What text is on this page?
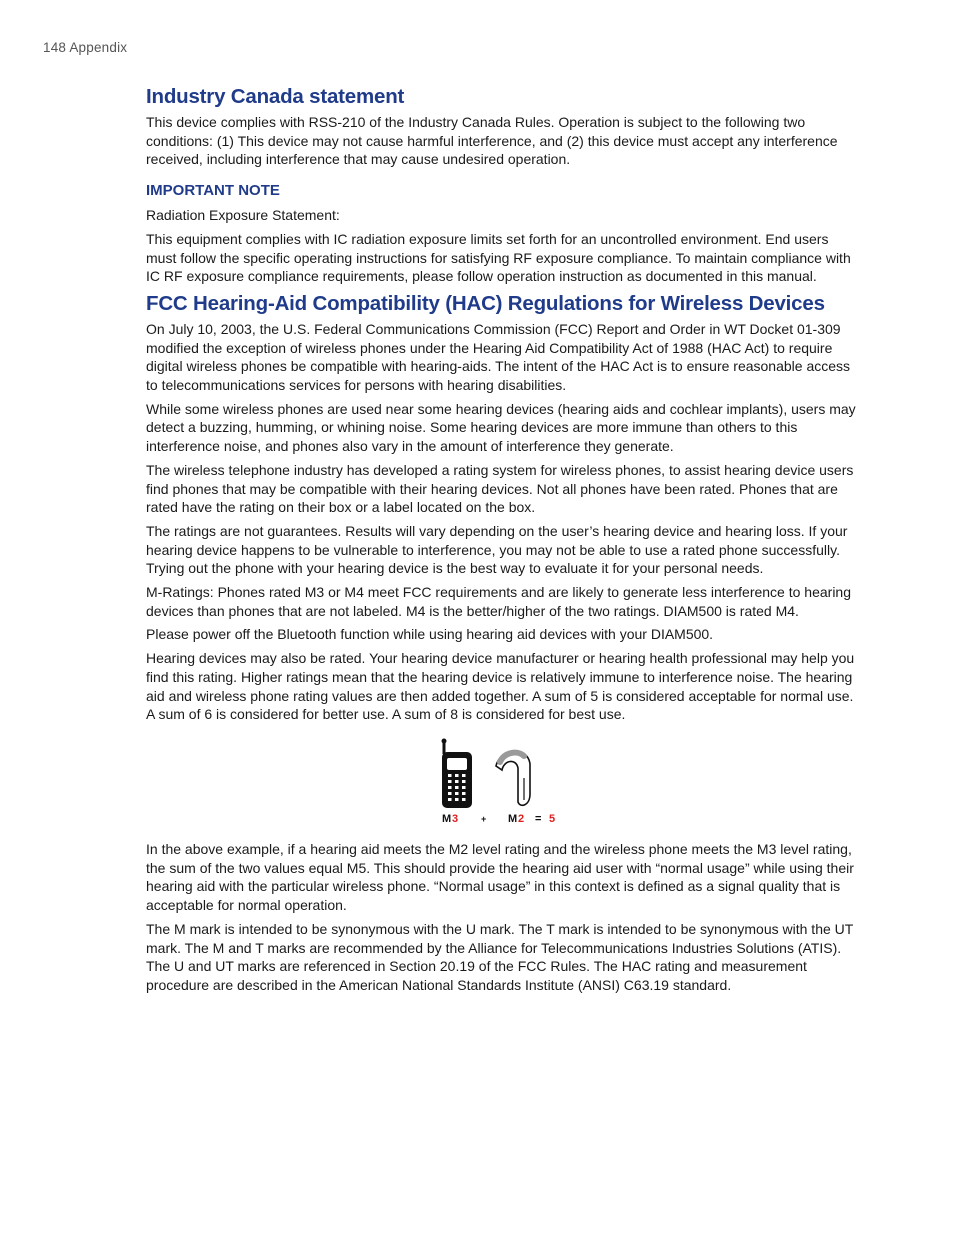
148 Appendix
Industry Canada statement

This device complies with RSS-210 of the Industry Canada Rules. Operation is subject to the following two conditions: (1) This device may not cause harmful interference, and (2) this device must accept any interference received, including interference that may cause undesired operation.

IMPORTANT NOTE

Radiation Exposure Statement:

This equipment complies with IC radiation exposure limits set forth for an uncontrolled environment. End users must follow the specific operating instructions for satisfying RF exposure compliance. To maintain compliance with IC RF exposure compliance requirements, please follow operation instruction as documented in this manual.

FCC Hearing-Aid Compatibility (HAC) Regulations for Wireless Devices

On July 10, 2003, the U.S. Federal Communications Commission (FCC) Report and Order in WT Docket 01-309 modified the exception of wireless phones under the Hearing Aid Compatibility Act of 1988 (HAC Act) to require digital wireless phones be compatible with hearing-aids. The intent of the HAC Act is to ensure reasonable access to telecommunications services for persons with hearing disabilities.

While some wireless phones are used near some hearing devices (hearing aids and cochlear implants), users may detect a buzzing, humming, or whining noise. Some hearing devices are more immune than others to this interference noise, and phones also vary in the amount of interference they generate.

The wireless telephone industry has developed a rating system for wireless phones, to assist hearing device users find phones that may be compatible with their hearing devices. Not all phones have been rated. Phones that are rated have the rating on their box or a label located on the box.

The ratings are not guarantees. Results will vary depending on the user’s hearing device and hearing loss. If your hearing device happens to be vulnerable to interference, you may not be able to use a rated phone successfully. Trying out the phone with your hearing device is the best way to evaluate it for your personal needs.

M-Ratings: Phones rated M3 or M4 meet FCC requirements and are likely to generate less interference to hearing devices than phones that are not labeled. M4 is the better/higher of the two ratings. DIAM500 is rated M4.

Please power off the Bluetooth function while using hearing aid devices with your DIAM500.

Hearing devices may also be rated. Your hearing device manufacturer or hearing health professional may help you find this rating. Higher ratings mean that the hearing device is relatively immune to interference noise. The hearing aid and wireless phone rating values are then added together. A sum of 5 is considered acceptable for normal use. A sum of 6 is considered for better use. A sum of 8 is considered for best use.

M 3	+ M 2 = 5

In the above example, if a hearing aid meets the M2 level rating and the wireless phone meets the M3 level rating, the sum of the two values equal M5. This should provide the hearing aid user with “normal usage” while using their hearing aid with the particular wireless phone. “Normal usage” in this context is defined as a signal quality that is acceptable for normal operation.

The M mark is intended to be synonymous with the U mark. The T mark is intended to be synonymous with the UT mark. The M and T marks are recommended by the Alliance for Telecommunications Industries Solutions (ATIS). The U and UT marks are referenced in Section 20.19 of the FCC Rules. The HAC rating and measurement procedure are described in the American National Standards Institute (ANSI) C63.19 standard.
